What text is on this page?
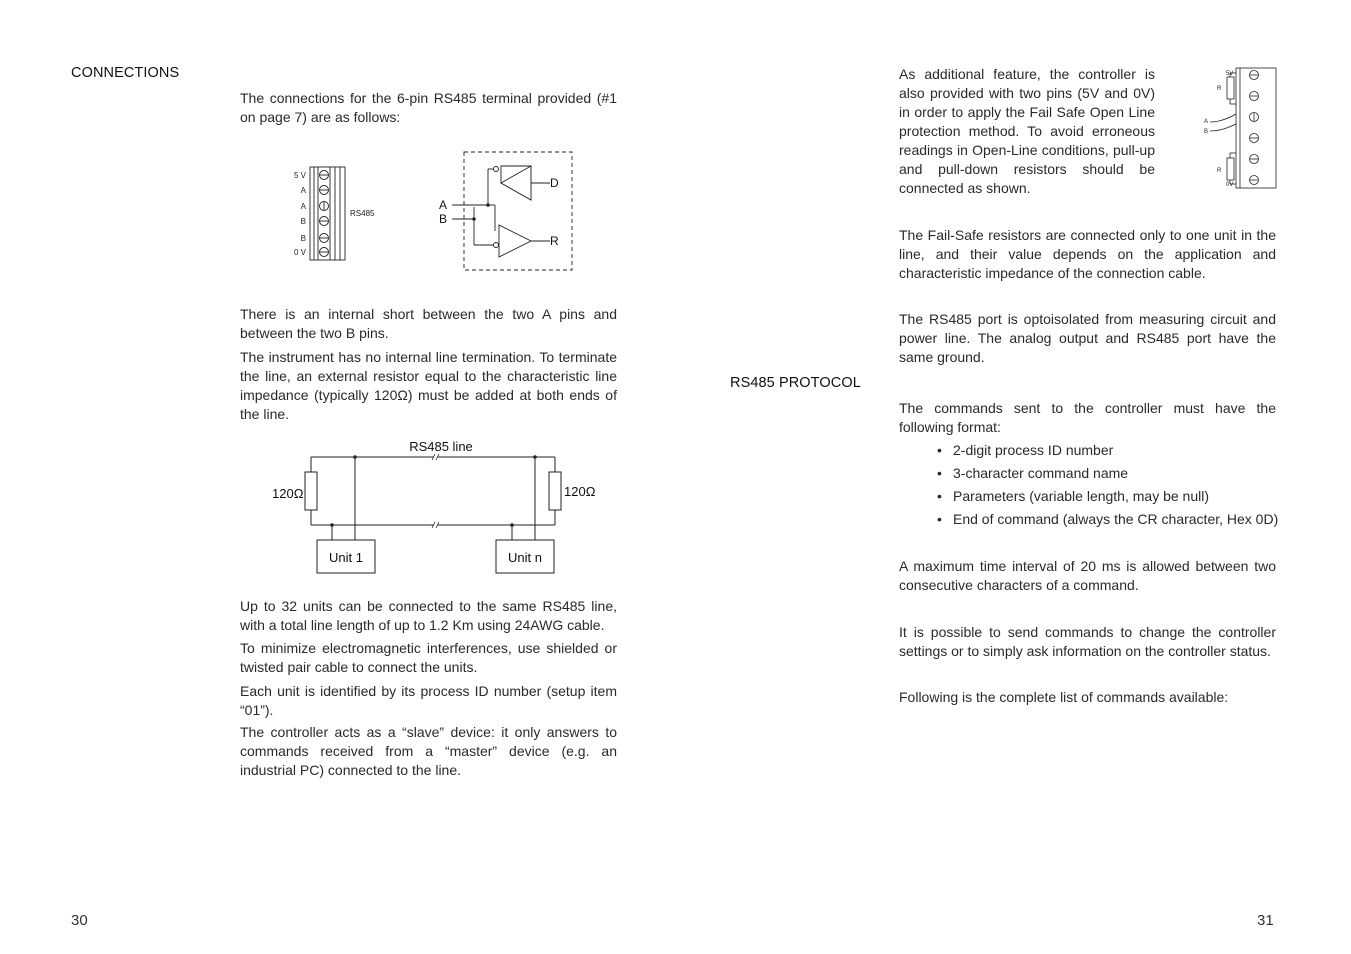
CONNECTIONS
The connections for the 6-pin RS485 terminal provided (#1 on page 7) are as follows:
5 V
A
A
B
B
0 V
RS485
A
B
D
R
There is an internal short between the two A pins and between the two B pins.
The instrument has no internal line termination. To terminate the line, an external resistor equal to the characteristic line impedance (typically 120Ω) must be added at both ends of the line.
RS485 line
120Ω	120Ω
Unit 1	Unit n
Up to 32 units can be connected to the same RS485 line, with a total line length of up to 1.2 Km using 24AWG cable.
To minimize electromagnetic interferences, use shielded or twisted pair cable to connect the units.
Each unit is identified by its process ID number (setup item “01”).
The controller acts as a “slave” device: it only answers to commands received from a “master” device (e.g. an industrial PC) connected to the line.
30
As additional feature, the controller is also provided with two pins (5V and 0V) in order to apply the Fail Safe Open Line protection method. To avoid erroneous readings in Open-Line conditions, pull-up and pull-down resistors should be connected as shown.
5V
0V
R
R
A
B
The Fail-Safe resistors are connected only to one unit in the line, and their value depends on the application and characteristic impedance of the connection cable.
The RS485 port is optoisolated from measuring circuit and power line. The analog output and RS485 port have the same ground.
RS485 PROTOCOL
The commands sent to the controller must have the following format:
• 2-digit process ID number
• 3-character command name
• Parameters (variable length, may be null)
• End of command (always the CR character, Hex 0D)
A maximum time interval of 20 ms is allowed between two consecutive characters of a command.
It is possible to send commands to change the controller settings or to simply ask information on the controller status.
Following is the complete list of commands available:
31
